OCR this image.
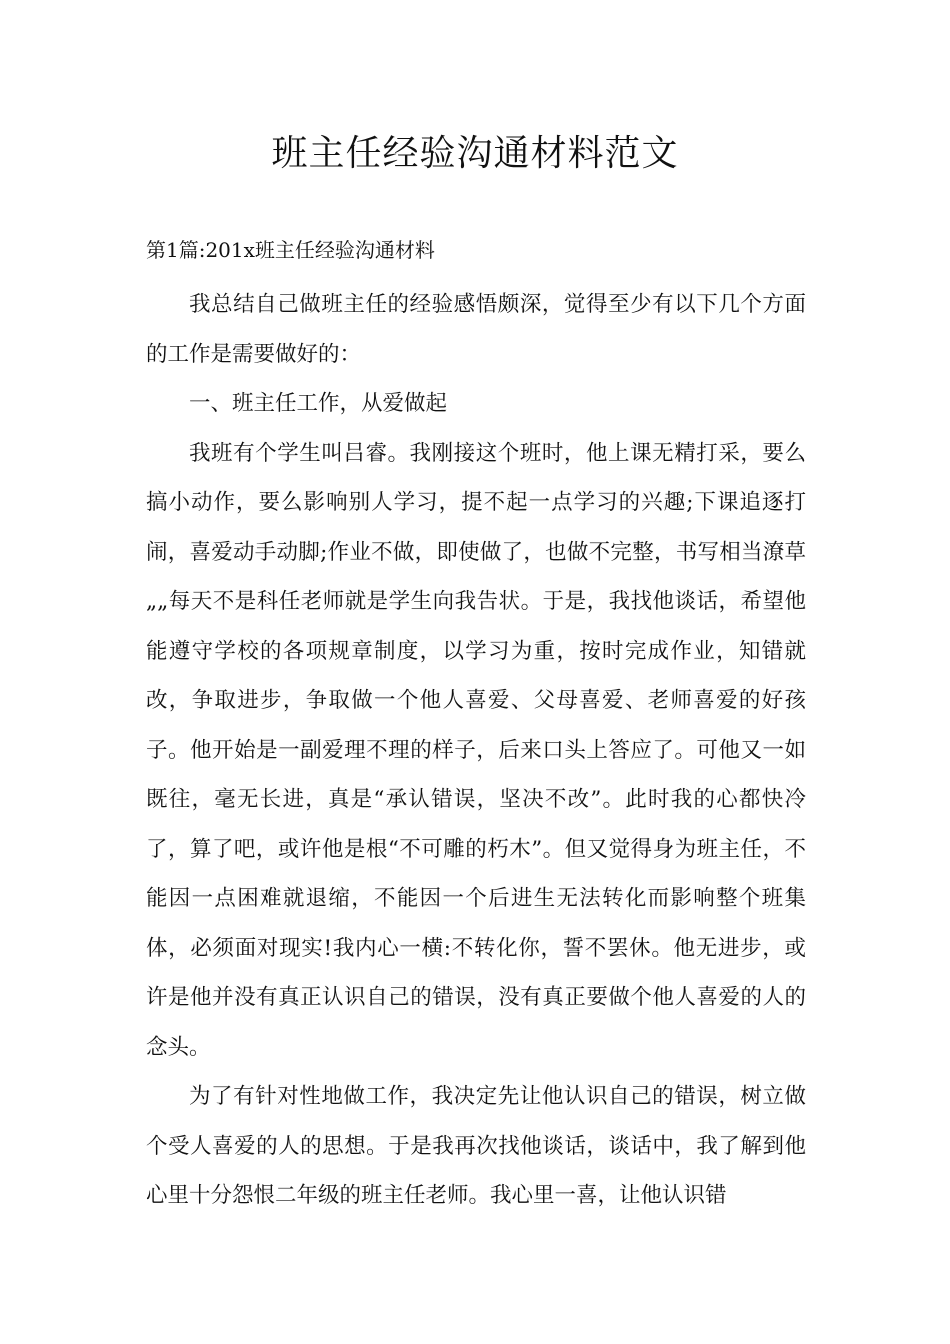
班主任经验沟通材料范文
第1篇:201x班主任经验沟通材料

我总结自己做班主任的经验感悟颇深，觉得至少有以下几个方面的工作是需要做好的：

一、班主任工作，从爱做起

我班有个学生叫吕睿。我刚接这个班时，他上课无精打采，要么搞小动作，要么影响别人学习，提不起一点学习的兴趣;下课追逐打闹，喜爱动手动脚;作业不做，即使做了，也做不完整，书写相当潦草„„每天不是科任老师就是学生向我告状。于是，我找他谈话，希望他能遵守学校的各项规章制度，以学习为重，按时完成作业，知错就改，争取进步，争取做一个他人喜爱、父母喜爱、老师喜爱的好孩子。他开始是一副爱理不理的样子，后来口头上答应了。可他又一如既往，毫无长进，真是“承认错误，坚决不改”。此时我的心都快冷了，算了吧，或许他是根“不可雕的朽木”。但又觉得身为班主任，不能因一点困难就退缩，不能因一个后进生无法转化而影响整个班集体，必须面对现实!我内心一横:不转化你，誓不罢休。他无进步，或许是他并没有真正认识自己的错误，没有真正要做个他人喜爱的人的念头。

为了有针对性地做工作，我决定先让他认识自己的错误，树立做个受人喜爱的人的思想。于是我再次找他谈话，谈话中，我了解到他心里十分怨恨二年级的班主任老师。我心里一喜，让他认识错
